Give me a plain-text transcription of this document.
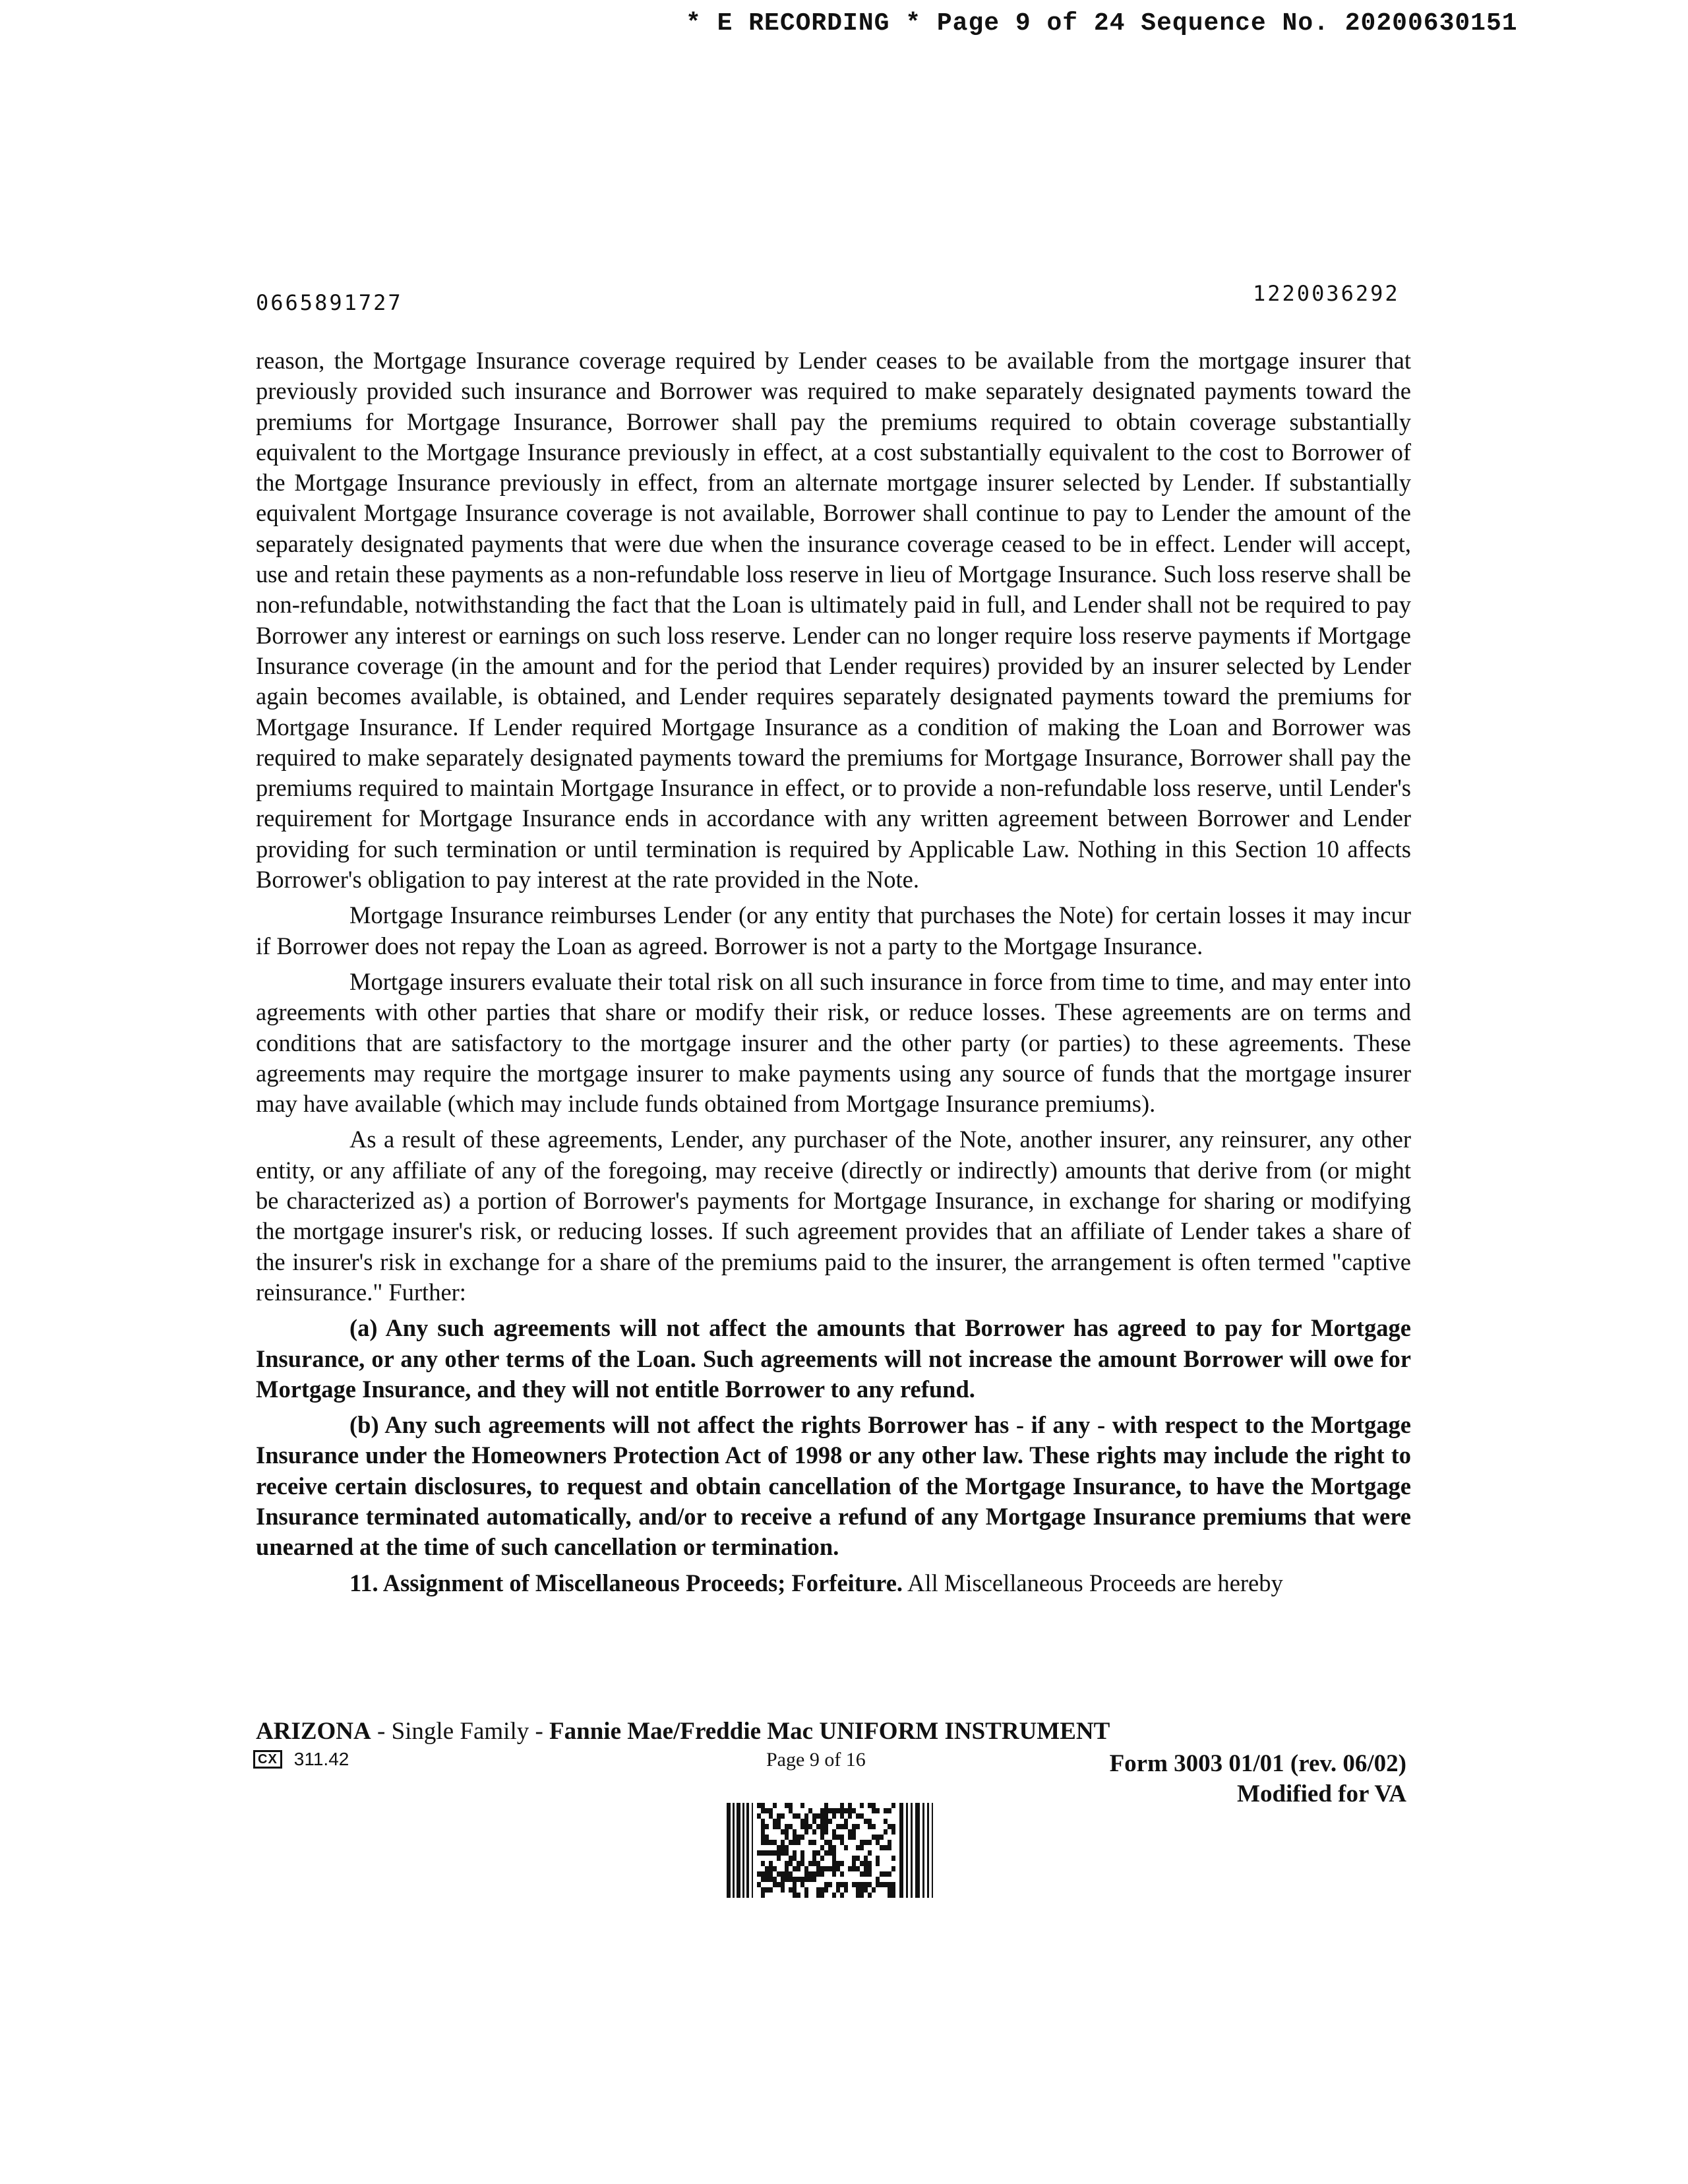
* E RECORDING * Page 9 of 24 Sequence No. 20200630151
0665891727	1220036292

reason, the Mortgage Insurance coverage required by Lender ceases to be available from the mortgage insurer that previously provided such insurance and Borrower was required to make separately designated payments toward the premiums for Mortgage Insurance, Borrower shall pay the premiums required to obtain coverage substantially equivalent to the Mortgage Insurance previously in effect, at a cost substantially equivalent to the cost to Borrower of the Mortgage Insurance previously in effect, from an alternate mortgage insurer selected by Lender. If substantially equivalent Mortgage Insurance coverage is not available, Borrower shall continue to pay to Lender the amount of the separately designated payments that were due when the insurance coverage ceased to be in effect. Lender will accept, use and retain these payments as a non-refundable loss reserve in lieu of Mortgage Insurance. Such loss reserve shall be non-refundable, notwithstanding the fact that the Loan is ultimately paid in full, and Lender shall not be required to pay Borrower any interest or earnings on such loss reserve. Lender can no longer require loss reserve payments if Mortgage Insurance coverage (in the amount and for the period that Lender requires) provided by an insurer selected by Lender again becomes available, is obtained, and Lender requires separately designated payments toward the premiums for Mortgage Insurance. If Lender required Mortgage Insurance as a condition of making the Loan and Borrower was required to make separately designated payments toward the premiums for Mortgage Insurance, Borrower shall pay the premiums required to maintain Mortgage Insurance in effect, or to provide a non-refundable loss reserve, until Lender's requirement for Mortgage Insurance ends in accordance with any written agreement between Borrower and Lender providing for such termination or until termination is required by Applicable Law. Nothing in this Section 10 affects Borrower's obligation to pay interest at the rate provided in the Note.

Mortgage Insurance reimburses Lender (or any entity that purchases the Note) for certain losses it may incur if Borrower does not repay the Loan as agreed. Borrower is not a party to the Mortgage Insurance.

Mortgage insurers evaluate their total risk on all such insurance in force from time to time, and may enter into agreements with other parties that share or modify their risk, or reduce losses. These agreements are on terms and conditions that are satisfactory to the mortgage insurer and the other party (or parties) to these agreements. These agreements may require the mortgage insurer to make payments using any source of funds that the mortgage insurer may have available (which may include funds obtained from Mortgage Insurance premiums).

As a result of these agreements, Lender, any purchaser of the Note, another insurer, any reinsurer, any other entity, or any affiliate of any of the foregoing, may receive (directly or indirectly) amounts that derive from (or might be characterized as) a portion of Borrower's payments for Mortgage Insurance, in exchange for sharing or modifying the mortgage insurer's risk, or reducing losses. If such agreement provides that an affiliate of Lender takes a share of the insurer's risk in exchange for a share of the premiums paid to the insurer, the arrangement is often termed "captive reinsurance." Further:

(a) Any such agreements will not affect the amounts that Borrower has agreed to pay for Mortgage Insurance, or any other terms of the Loan. Such agreements will not increase the amount Borrower will owe for Mortgage Insurance, and they will not entitle Borrower to any refund.

(b) Any such agreements will not affect the rights Borrower has - if any - with respect to the Mortgage Insurance under the Homeowners Protection Act of 1998 or any other law. These rights may include the right to receive certain disclosures, to request and obtain cancellation of the Mortgage Insurance, to have the Mortgage Insurance terminated automatically, and/or to receive a refund of any Mortgage Insurance premiums that were unearned at the time of such cancellation or termination.

11. Assignment of Miscellaneous Proceeds; Forfeiture. All Miscellaneous Proceeds are hereby

ARIZONA - Single Family - Fannie Mae/Freddie Mac UNIFORM INSTRUMENT
CX 311.42	Page 9 of 16	Form 3003 01/01 (rev. 06/02)
Modified for VA
